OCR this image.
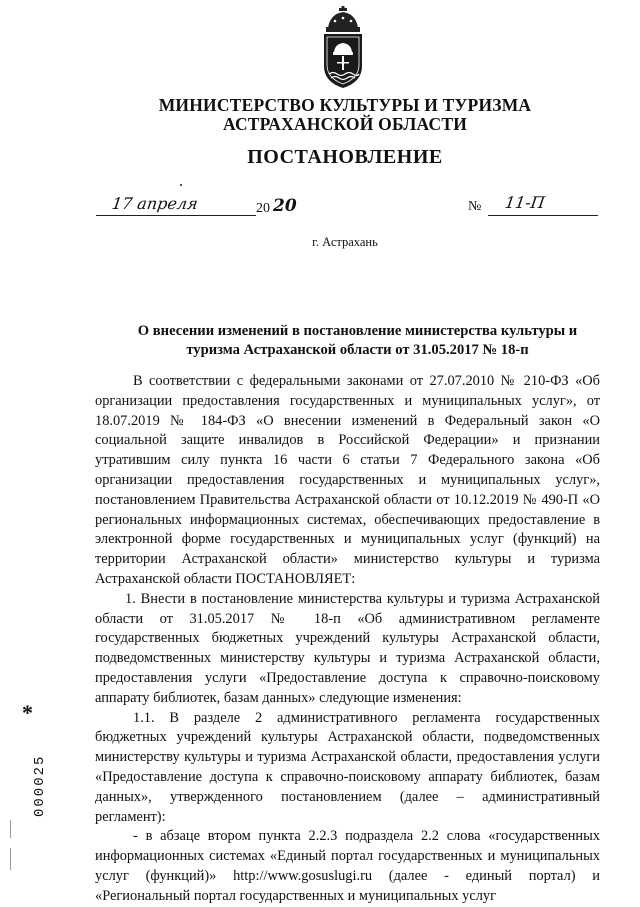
МИНИСТЕРСТВО КУЛЬТУРЫ И ТУРИЗМА
АСТРАХАНСКОЙ ОБЛАСТИ
ПОСТАНОВЛЕНИЕ
17 апреля	20 20	№ 11-П
г. Астрахань
О внесении изменений в постановление министерства культуры и
туризма Астраханской области от 31.05.2017 № 18-п

В соответствии с федеральными законами от 27.07.2010 № 210-ФЗ «Об организации предоставления государственных и муниципальных услуг», от 18.07.2019 № 184-ФЗ «О внесении изменений в Федеральный закон «О социальной защите инвалидов в Российской Федерации» и признании утратившим силу пункта 16 части 6 статьи 7 Федерального закона «Об организации предоставления государственных и муниципальных услуг», постановлением Правительства Астраханской области от 10.12.2019 № 490-П «О региональных информационных системах, обеспечивающих предоставление в электронной форме государственных и муниципальных услуг (функций) на территории Астраханской области» министерство культуры и туризма Астраханской области ПОСТАНОВЛЯЕТ:

1. Внести в постановление министерства культуры и туризма Астраханской области от 31.05.2017 № 18-п «Об административном регламенте государственных бюджетных учреждений культуры Астраханской области, подведомственных министерству культуры и туризма Астраханской области, предоставления услуги «Предоставление доступа к справочно-поисковому аппарату библиотек, базам данных» следующие изменения:

1.1. В разделе 2 административного регламента государственных бюджетных учреждений культуры Астраханской области, подведомственных министерству культуры и туризма Астраханской области, предоставления услуги «Предоставление доступа к справочно-поисковому аппарату библиотек, базам данных», утвержденного постановлением (далее – административный регламент):

- в абзаце втором пункта 2.2.3 подраздела 2.2 слова «государственных информационных системах «Единый портал государственных и муниципальных услуг (функций)» http://www.gosuslugi.ru (далее - единый портал) и «Региональный портал государственных и муниципальных услуг

*
000025
